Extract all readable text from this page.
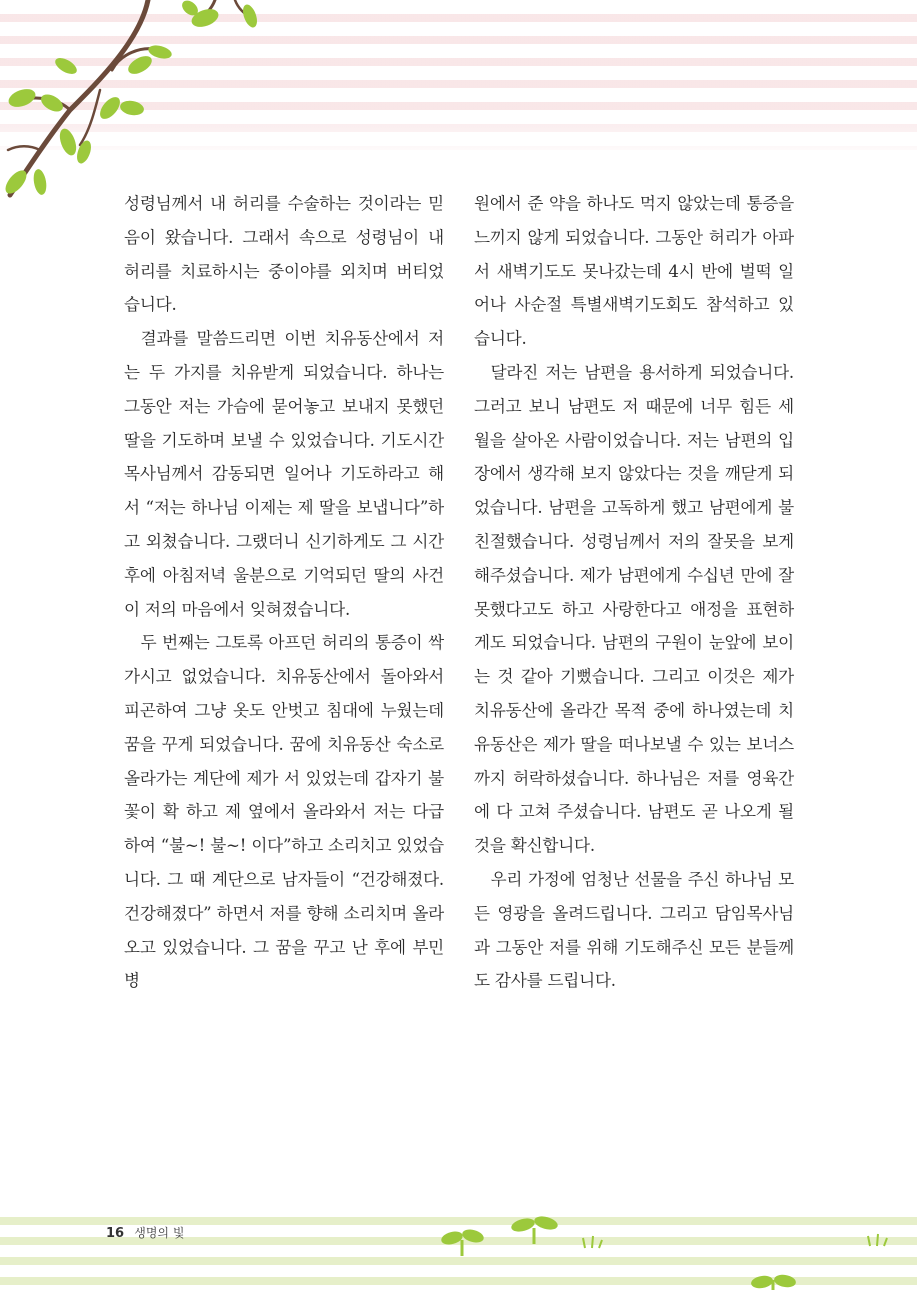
성령님께서 내 허리를 수술하는 것이라는 믿음이 왔습니다. 그래서 속으로 성령님이 내 허리를 치료하시는 중이야를 외치며 버티었습니다.

결과를 말씀드리면 이번 치유동산에서 저는 두 가지를 치유받게 되었습니다. 하나는 그동안 저는 가슴에 묻어놓고 보내지 못했던 딸을 기도하며 보낼 수 있었습니다. 기도시간 목사님께서 감동되면 일어나 기도하라고 해서 “저는 하나님 이제는 제 딸을 보냅니다”하고 외쳤습니다. 그랬더니 신기하게도 그 시간 후에 아침저녁 울분으로 기억되던 딸의 사건이 저의 마음에서 잊혀졌습니다.

두 번째는 그토록 아프던 허리의 통증이 싹 가시고 없었습니다. 치유동산에서 돌아와서 피곤하여 그냥 옷도 안벗고 침대에 누웠는데 꿈을 꾸게 되었습니다. 꿈에 치유동산 숙소로 올라가는 계단에 제가 서 있었는데 갑자기 불꽃이 확 하고 제 옆에서 올라와서 저는 다급하여 “불~! 불~! 이다”하고 소리치고 있었습니다. 그 때 계단으로 남자들이 “건강해졌다. 건강해졌다” 하면서 저를 향해 소리치며 올라오고 있었습니다. 그 꿈을 꾸고 난 후에 부민병

원에서 준 약을 하나도 먹지 않았는데 통증을 느끼지 않게 되었습니다. 그동안 허리가 아파서 새벽기도도 못나갔는데 4시 반에 벌떡 일어나 사순절 특별새벽기도회도 참석하고 있습니다.

달라진 저는 남편을 용서하게 되었습니다. 그러고 보니 남편도 저 때문에 너무 힘든 세월을 살아온 사람이었습니다. 저는 남편의 입장에서 생각해 보지 않았다는 것을 깨닫게 되었습니다. 남편을 고독하게 했고 남편에게 불친절했습니다. 성령님께서 저의 잘못을 보게 해주셨습니다. 제가 남편에게 수십년 만에 잘못했다고도 하고 사랑한다고 애정을 표현하게도 되었습니다. 남편의 구원이 눈앞에 보이는 것 같아 기뻤습니다. 그리고 이것은 제가 치유동산에 올라간 목적 중에 하나였는데 치유동산은 제가 딸을 떠나보낼 수 있는 보너스까지 허락하셨습니다. 하나님은 저를 영육간에 다 고쳐 주셨습니다. 남편도 곧 나오게 될 것을 확신합니다.

우리 가정에 엄청난 선물을 주신 하나님 모든 영광을 올려드립니다. 그리고 담임목사님과 그동안 저를 위해 기도해주신 모든 분들께도 감사를 드립니다.

16 생명의 빛
